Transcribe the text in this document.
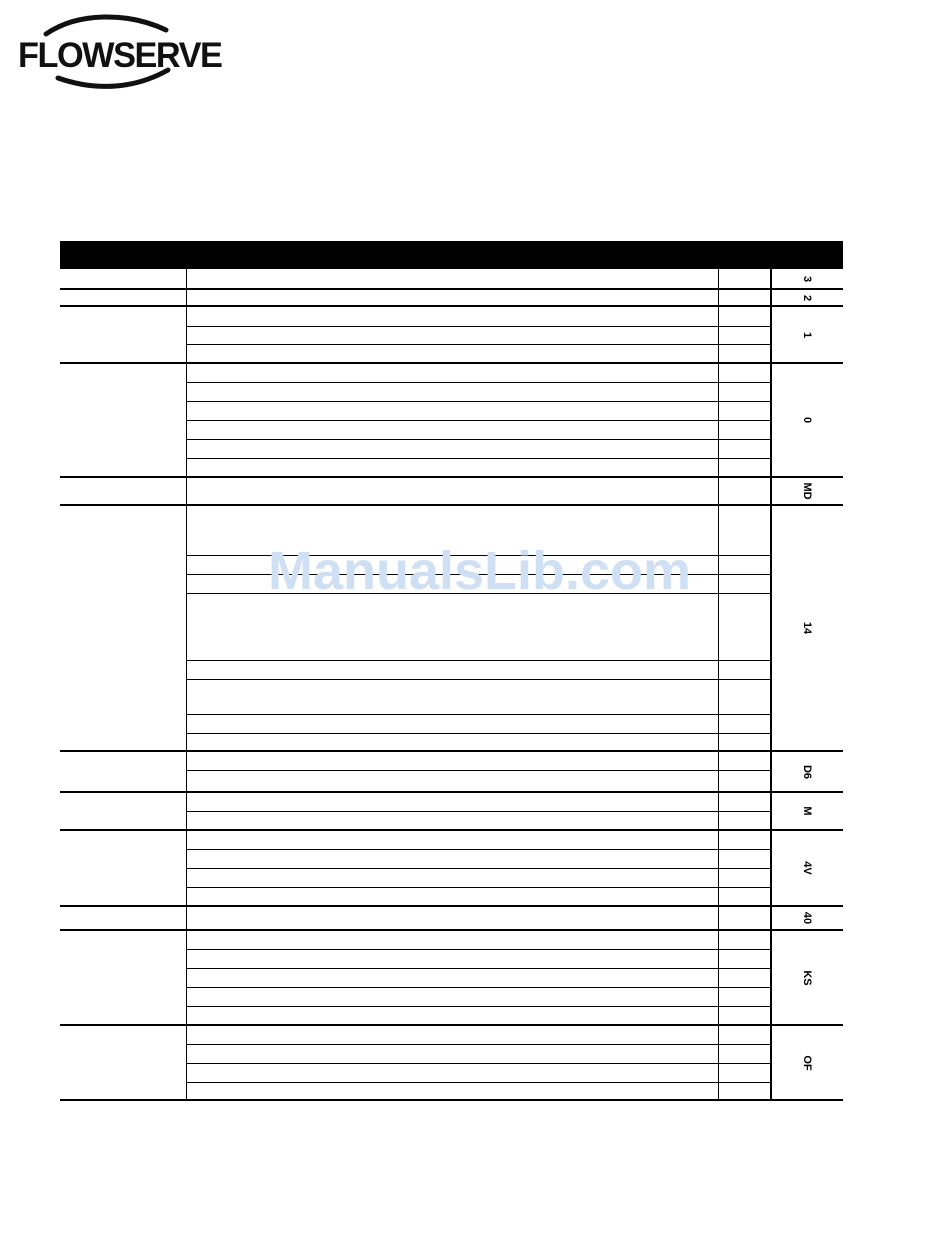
FLOWSERVE
3
2
1
0
MD
14
D6
M
4V
40
KS
OF
ManualsLib.com
